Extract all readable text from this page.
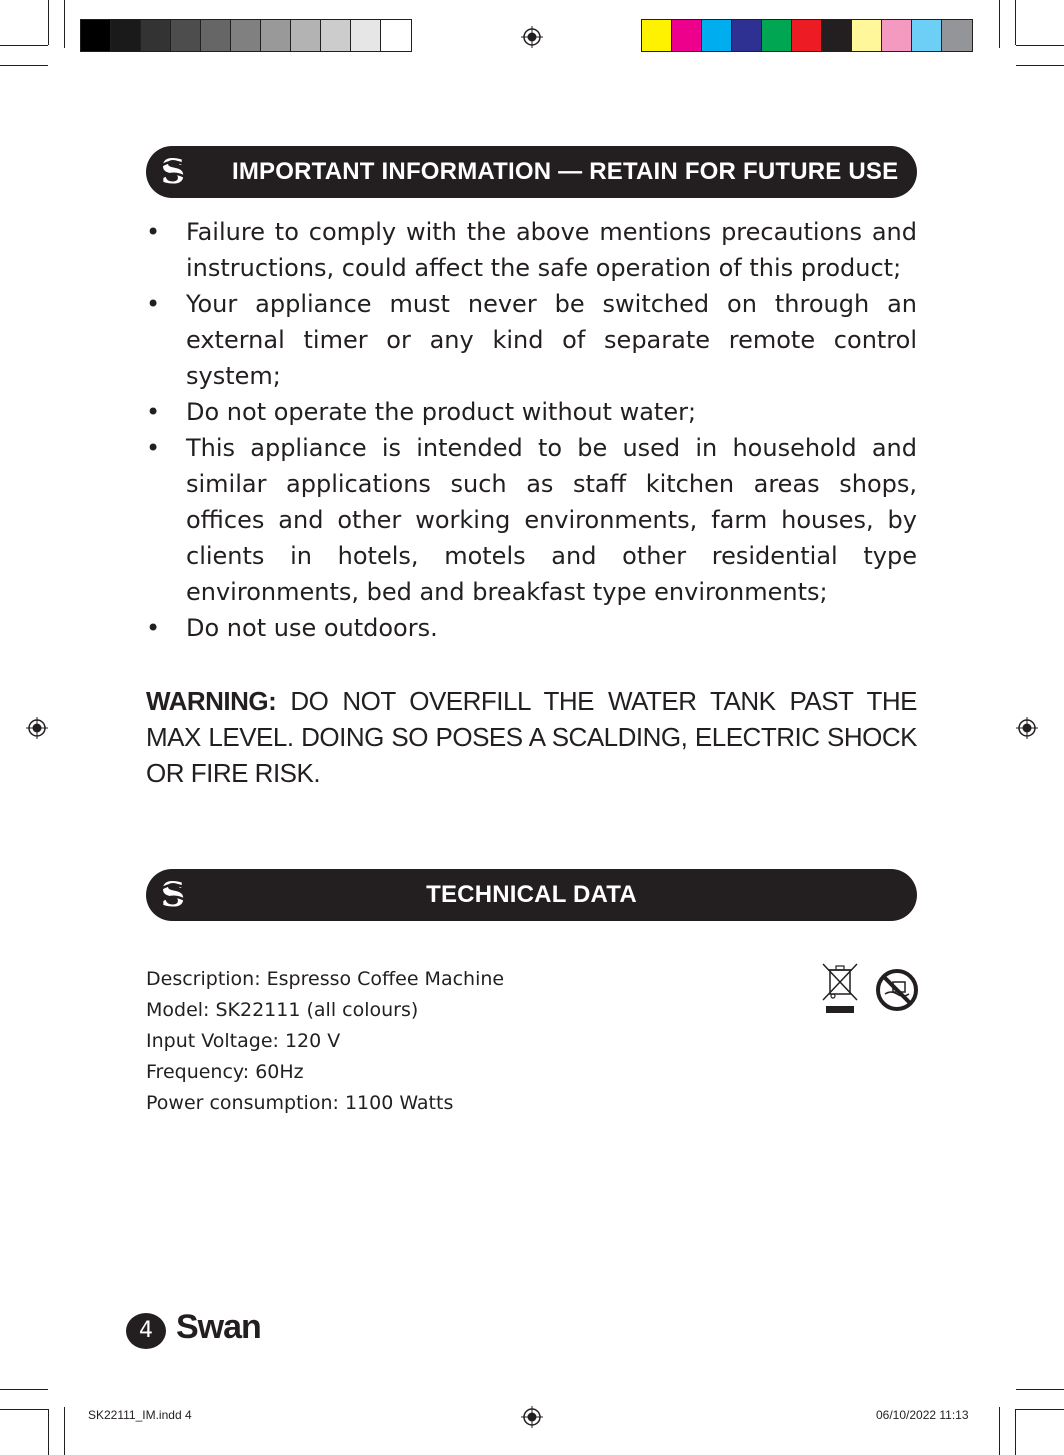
S IMPORTANT INFORMATION — RETAIN FOR FUTURE USE
• Failure to comply with the above mentions precautions and instructions, could affect the safe operation of this product;
• Your appliance must never be switched on through an external timer or any kind of separate remote control system;
• Do not operate the product without water;
• This appliance is intended to be used in household and similar applications such as staff kitchen areas shops, offices and other working environments, farm houses, by clients in hotels, motels and other residential type environments, bed and breakfast type environments;
• Do not use outdoors.
WARNING: DO NOT OVERFILL THE WATER TANK PAST THE MAX LEVEL. DOING SO POSES A SCALDING, ELECTRIC SHOCK OR FIRE RISK.
S	TECHNICAL DATA
Description: Espresso Coffee Machine
Model: SK22111 (all colours)
Input Voltage: 120 V
Frequency: 60Hz
Power consumption: 1100 Watts
4 Swan
SK22111_IM.indd 4	06/10/2022 11:13
